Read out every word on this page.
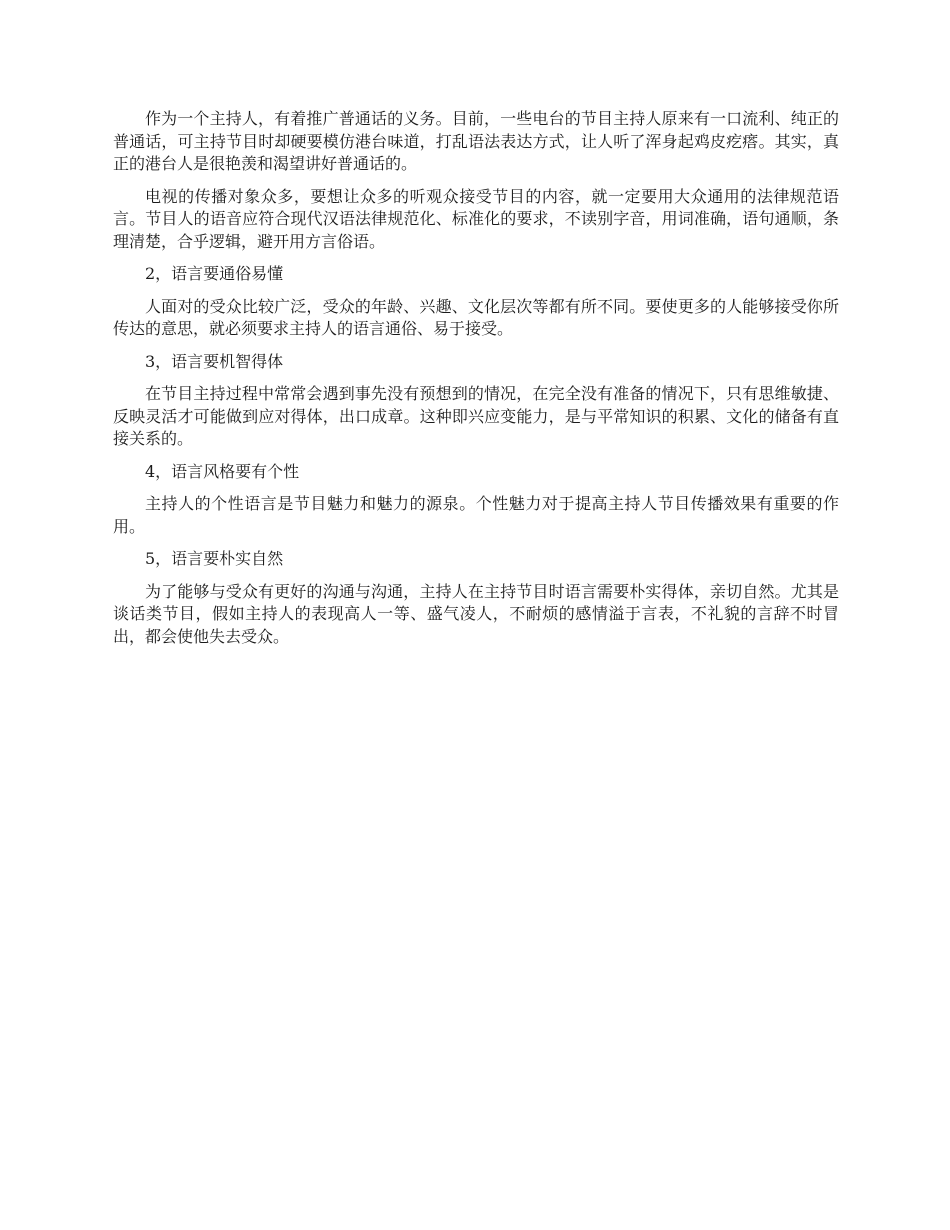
作为一个主持人，有着推广普通话的义务。目前，一些电台的节目主持人原来有一口流利、纯正的普通话，可主持节目时却硬要模仿港台味道，打乱语法表达方式，让人听了浑身起鸡皮疙瘩。其实，真正的港台人是很艳羡和渴望讲好普通话的。

电视的传播对象众多，要想让众多的听观众接受节目的内容，就一定要用大众通用的法律规范语言。节目人的语音应符合现代汉语法律规范化、标准化的要求，不读别字音，用词准确，语句通顺，条理清楚，合乎逻辑，避开用方言俗语。

2，语言要通俗易懂

人面对的受众比较广泛，受众的年龄、兴趣、文化层次等都有所不同。要使更多的人能够接受你所传达的意思，就必须要求主持人的语言通俗、易于接受。

3，语言要机智得体

在节目主持过程中常常会遇到事先没有预想到的情况，在完全没有准备的情况下，只有思维敏捷、反映灵活才可能做到应对得体，出口成章。这种即兴应变能力，是与平常知识的积累、文化的储备有直接关系的。

4，语言风格要有个性

主持人的个性语言是节目魅力和魅力的源泉。个性魅力对于提高主持人节目传播效果有重要的作用。

5，语言要朴实自然

为了能够与受众有更好的沟通与沟通，主持人在主持节目时语言需要朴实得体，亲切自然。尤其是谈话类节目，假如主持人的表现高人一等、盛气凌人，不耐烦的感情溢于言表，不礼貌的言辞不时冒出，都会使他失去受众。
